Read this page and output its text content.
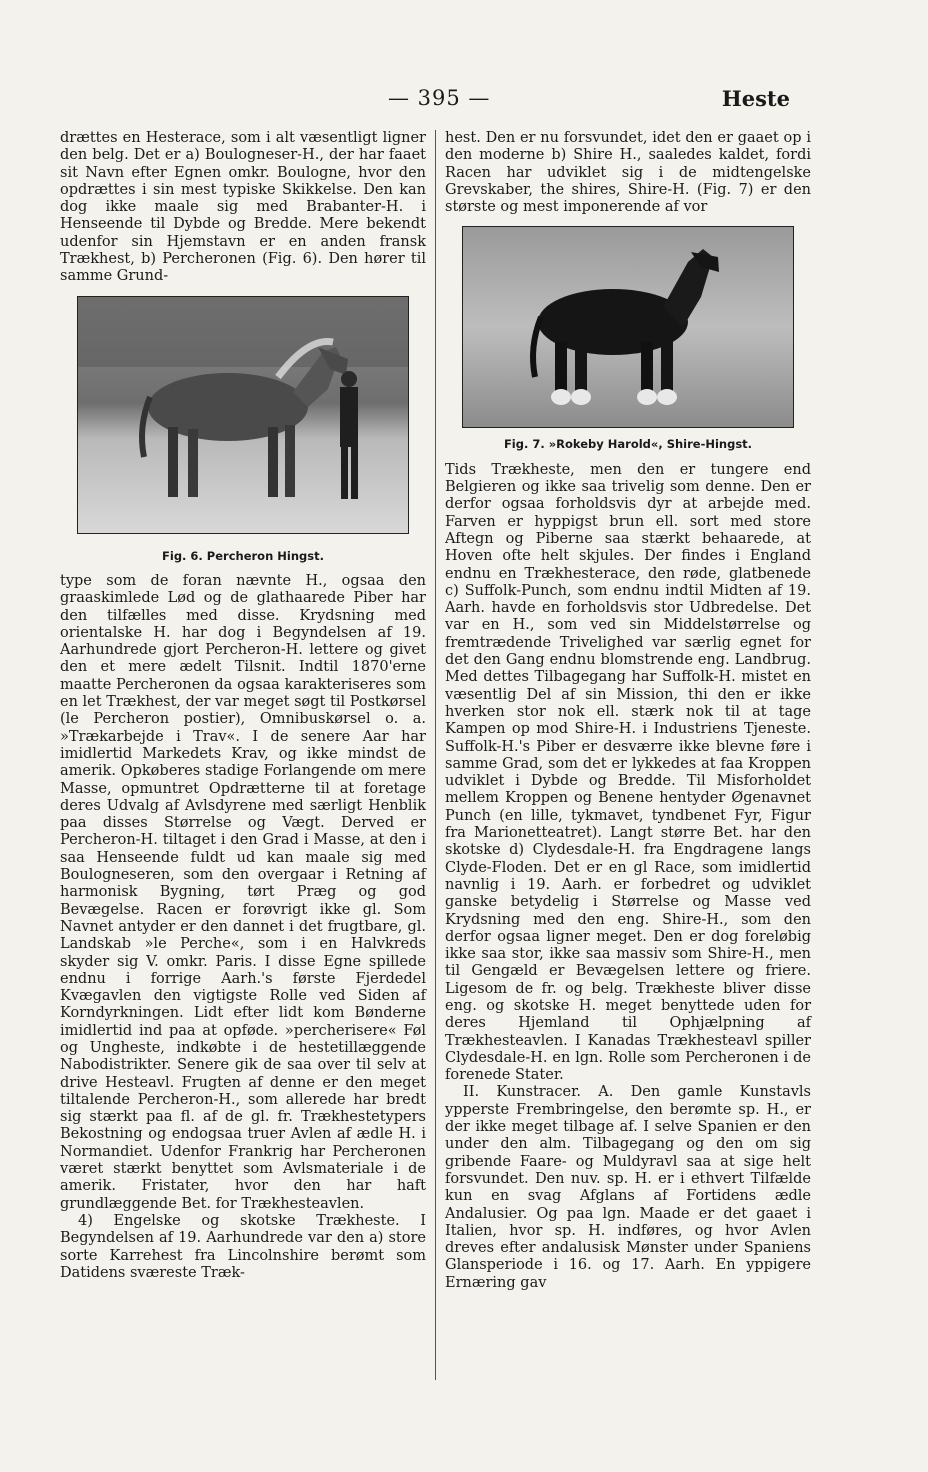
— 395 —	Heste

drættes en Hesterace, som i alt væsentligt ligner den belg. Det er a) Boulogneser-H., der har faaet sit Navn efter Egnen omkr. Boulogne, hvor den opdrættes i sin mest typiske Skikkelse. Den kan dog ikke maale sig med Brabanter-H. i Henseende til Dybde og Bredde. Mere bekendt udenfor sin Hjemstavn er en anden fransk Trækhest, b) Percheronen (Fig. 6). Den hører til samme Grund-

Fig. 6. Percheron Hingst.

type som de foran nævnte H., ogsaa den graaskimlede Lød og de glathaarede Piber har den tilfælles med disse. Krydsning med orientalske H. har dog i Begyndelsen af 19. Aarhundrede gjort Percheron-H. lettere og givet den et mere ædelt Tilsnit. Indtil 1870'erne maatte Percheronen da ogsaa karakteriseres som en let Trækhest, der var meget søgt til Postkørsel (le Percheron postier), Omnibuskørsel o. a. »Trækarbejde i Trav«. I de senere Aar har imidlertid Markedets Krav, og ikke mindst de amerik. Opkøberes stadige Forlangende om mere Masse, opmuntret Opdrætterne til at foretage deres Udvalg af Avlsdyrene med særligt Henblik paa disses Størrelse og Vægt. Derved er Percheron-H. tiltaget i den Grad i Masse, at den i saa Henseende fuldt ud kan maale sig med Boulogneseren, som den overgaar i Retning af harmonisk Bygning, tørt Præg og god Bevægelse. Racen er forøvrigt ikke gl. Som Navnet antyder er den dannet i det frugtbare, gl. Landskab »le Perche«, som i en Halvkreds skyder sig V. omkr. Paris. I disse Egne spillede endnu i forrige Aarh.'s første Fjerdedel Kvægavlen den vigtigste Rolle ved Siden af Korndyrkningen. Lidt efter lidt kom Bønderne imidlertid ind paa at opføde. »percherisere« Føl og Ungheste, indkøbte i de hestetillæggende Nabodistrikter. Senere gik de saa over til selv at drive Hesteavl. Frugten af denne er den meget tiltalende Percheron-H., som allerede har bredt sig stærkt paa fl. af de gl. fr. Trækhestetypers Bekostning og endogsaa truer Avlen af ædle H. i Normandiet. Udenfor Frankrig har Percheronen været stærkt benyttet som Avlsmateriale i de amerik. Fristater, hvor den har haft grundlæggende Bet. for Trækhesteavlen.

4) Engelske og skotske Trækheste. I Begyndelsen af 19. Aarhundrede var den a) store sorte Karrehest fra Lincolnshire berømt som Datidens sværeste Træk-

hest. Den er nu forsvundet, idet den er gaaet op i den moderne b) Shire H., saaledes kaldet, fordi Racen har udviklet sig i de midtengelske Grevskaber, the shires, Shire-H. (Fig. 7) er den største og mest imponerende af vor

Fig. 7. »Rokeby Harold«, Shire-Hingst.

Tids Trækheste, men den er tungere end Belgieren og ikke saa trivelig som denne. Den er derfor ogsaa forholdsvis dyr at arbejde med. Farven er hyppigst brun ell. sort med store Aftegn og Piberne saa stærkt behaarede, at Hoven ofte helt skjules. Der findes i England endnu en Trækhesterace, den røde, glatbenede c) Suffolk-Punch, som endnu indtil Midten af 19. Aarh. havde en forholdsvis stor Udbredelse. Det var en H., som ved sin Middelstørrelse og fremtrædende Trivelighed var særlig egnet for det den Gang endnu blomstrende eng. Landbrug. Med dettes Tilbagegang har Suffolk-H. mistet en væsentlig Del af sin Mission, thi den er ikke hverken stor nok ell. stærk nok til at tage Kampen op mod Shire-H. i Industriens Tjeneste. Suffolk-H.'s Piber er desværre ikke blevne føre i samme Grad, som det er lykkedes at faa Kroppen udviklet i Dybde og Bredde. Til Misforholdet mellem Kroppen og Benene hentyder Øgenavnet Punch (en lille, tykmavet, tyndbenet Fyr, Figur fra Marionetteatret). Langt større Bet. har den skotske d) Clydesdale-H. fra Engdragene langs Clyde-Floden. Det er en gl Race, som imidlertid navnlig i 19. Aarh. er forbedret og udviklet ganske betydelig i Størrelse og Masse ved Krydsning med den eng. Shire-H., som den derfor ogsaa ligner meget. Den er dog foreløbig ikke saa stor, ikke saa massiv som Shire-H., men til Gengæld er Bevægelsen lettere og friere. Ligesom de fr. og belg. Trækheste bliver disse eng. og skotske H. meget benyttede uden for deres Hjemland til Ophjælpning af Trækhesteavlen. I Kanadas Trækhesteavl spiller Clydesdale-H. en lgn. Rolle som Percheronen i de forenede Stater.

II. Kunstracer. A. Den gamle Kunstavls ypperste Frembringelse, den berømte sp. H., er der ikke meget tilbage af. I selve Spanien er den under den alm. Tilbagegang og den om sig gribende Faare- og Muldyravl saa at sige helt forsvundet. Den nuv. sp. H. er i ethvert Tilfælde kun en svag Afglans af Fortidens ædle Andalusier. Og paa lgn. Maade er det gaaet i Italien, hvor sp. H. indføres, og hvor Avlen dreves efter andalusisk Mønster under Spaniens Glansperiode i 16. og 17. Aarh. En yppigere Ernæring gav
